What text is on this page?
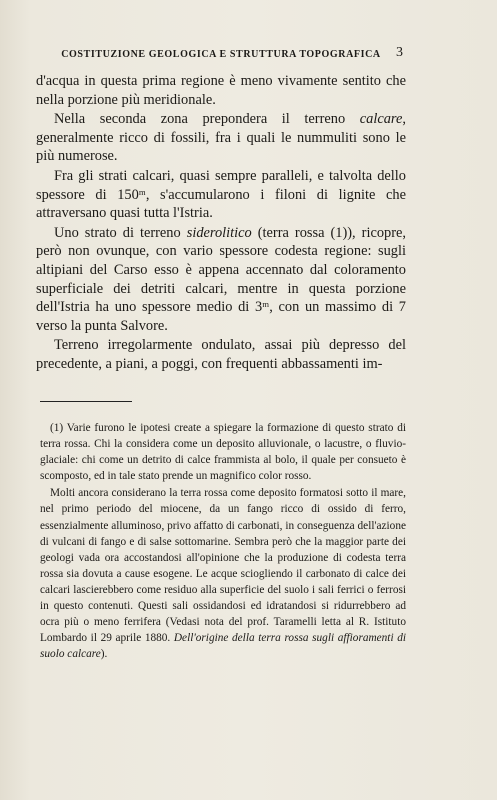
COSTITUZIONE GEOLOGICA E STRUTTURA TOPOGRAFICA	3

d'acqua in questa prima regione è meno vivamente sentito che nella porzione più meridionale.

Nella seconda zona prepondera il terreno calcare, generalmente ricco di fossili, fra i quali le nummuliti sono le più numerose.

Fra gli strati calcari, quasi sempre paralleli, e talvolta dello spessore di 150ᵐ, s'accumularono i filoni di lignite che attraversano quasi tutta l'Istria.

Uno strato di terreno siderolitico (terra rossa (1)), ricopre, però non ovunque, con vario spessore codesta regione: sugli altipiani del Carso esso è appena accennato dal coloramento superficiale dei detriti calcari, mentre in questa porzione dell'Istria ha uno spessore medio di 3ᵐ, con un massimo di 7 verso la punta Salvore.

Terreno irregolarmente ondulato, assai più depresso del precedente, a piani, a poggi, con frequenti abbassamenti im-

(1) Varie furono le ipotesi create a spiegare la formazione di questo strato di terra rossa. Chi la considera come un deposito alluvionale, o lacustre, o fluvio-glaciale: chi come un detrito di calce frammista al bolo, il quale per consueto è scomposto, ed in tale stato prende un magnifico color rosso.

Molti ancora considerano la terra rossa come deposito formatosi sotto il mare, nel primo periodo del miocene, da un fango ricco di ossido di ferro, essenzialmente alluminoso, privo affatto di carbonati, in conseguenza dell'azione di vulcani di fango e di salse sottomarine. Sembra però che la maggior parte dei geologi vada ora accostandosi all'opinione che la produzione di codesta terra rossa sia dovuta a cause esogene. Le acque sciogliendo il carbonato di calce dei calcari lascierebbero come residuo alla superficie del suolo i sali ferrici o ferrosi in questo contenuti. Questi sali ossidandosi ed idratandosi si ridurrebbero ad ocra più o meno ferrifera (Vedasi nota del prof. Taramelli letta al R. Istituto Lombardo il 29 aprile 1880. Dell'origine della terra rossa sugli affioramenti di suolo calcare).
